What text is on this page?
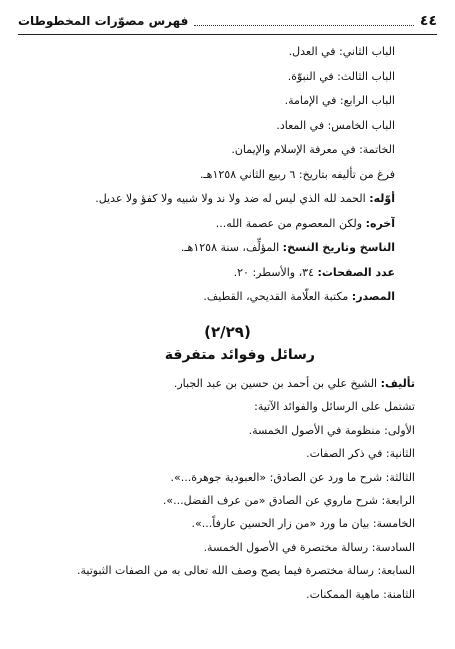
٤٤
فهرس مصوّرات المخطوطات
الباب الثاني: في العدل.
الباب الثالث: في النبوّة.
الباب الرابع: في الإمامة.
الباب الخامس: في المعاد.
الخاتمة: في معرفة الإسلام والإيمان.
فرغ من تأليفه بتاريخ: ٦ ربيع الثاني ١٢٥٨هـ.
أوّله: الحمد لله الذي ليس له ضد ولا ند ولا شبيه ولا كفؤ ولا عديل.
آخره: ولكن المعصوم من عصمة الله...
الناسخ وتاريخ النسخ: المؤلِّف، سنة ١٢٥٨هـ.
عدد الصفحات: ٣٤، والأسطر: ٢٠.
المصدر: مكتبة العلّامة القديحي، القطيف.
(٢/٢٩)
رسائل وفوائد متفرقة
تأليف: الشيخ علي بن أحمد بن حسين بن عبد الجبار.
تشتمل على الرسائل والفوائد الآتية:
الأولى: منظومة في الأصول الخمسة.
الثانية: في ذكر الصفات.
الثالثة: شرح ما ورد عن الصادق: «العبودية جوهرة...».
الرابعة: شرح ماروي عن الصادق «من عرف الفضل...».
الخامسة: بيان ما ورد «من زار الحسين عارفاً...».
السادسة: رسالة مختصرة في الأصول الخمسة.
السابعة: رسالة مختصرة فيما يصح وصف الله تعالى به من الصفات الثبوتية.
الثامنة: ماهية الممكنات.
